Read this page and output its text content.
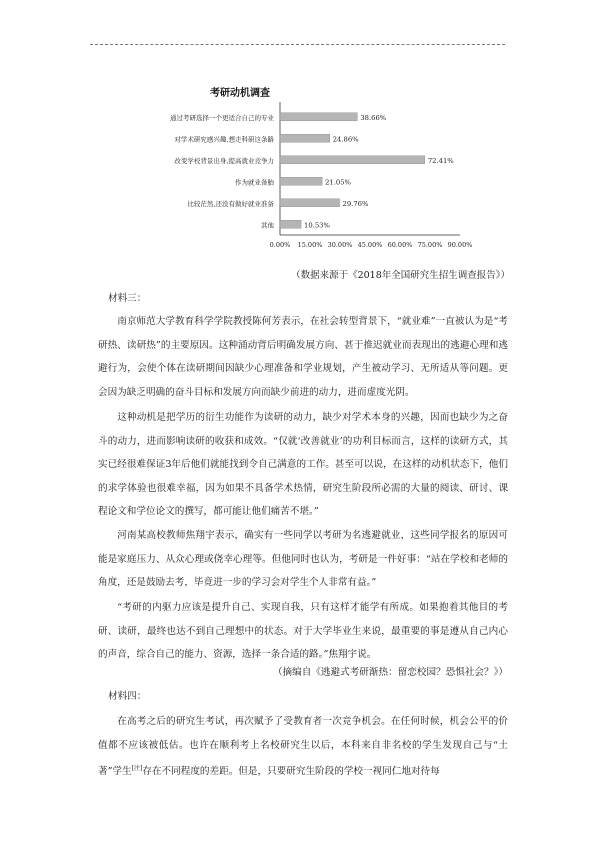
考研动机调查
通过考研选择一个更适合自己的专业	38.66%
对学术研究感兴趣,想走科研这条路	24.86%
改变学校背景出身,提高就业竞争力	72.41%
作为就业备胎	21.05%
比较茫然,还没有做好就业准备	29.76%
其他	10.53%
0.00% 15.00% 30.00% 45.00% 60.00% 75.00% 90.00%
（数据来源于《2018年全国研究生招生调查报告》）
材料三：
南京师范大学教育科学学院教授陈何芳表示，在社会转型背景下，“就业难”一直被认为是“考研热、读研热”的主要原因。这种涌动背后明确发展方向、甚于推迟就业而表现出的逃避心理和逃避行为，会使个体在读研期间因缺少心理准备和学业规划，产生被动学习、无所适从等问题。更会因为缺乏明确的奋斗目标和发展方向而缺少前进的动力，进而虚度光阴。
这种动机是把学历的衍生功能作为读研的动力，缺少对学术本身的兴趣，因而也缺少为之奋斗的动力，进而影响读研的收获和成效。“仅就‘改善就业’的功利目标而言，这样的读研方式，其实已经很难保证3年后他们就能找到令自己满意的工作。甚至可以说，在这样的动机状态下，他们的求学体验也很难幸福，因为如果不具备学术热情，研究生阶段所必需的大量的阅读、研讨、课程论文和学位论文的撰写，都可能让他们痛苦不堪。”
河南某高校教师焦翔宇表示，确实有一些同学以考研为名逃避就业，这些同学报名的原因可能是家庭压力、从众心理或侥幸心理等。但他同时也认为，考研是一件好事：“站在学校和老师的角度，还是鼓励去考，毕竟进一步的学习会对学生个人非常有益。”
“考研的内驱力应该是提升自己、实现自我，只有这样才能学有所成。如果抱着其他目的考研、读研，最终也达不到自己理想中的状态。对于大学毕业生来说，最重要的事是遵从自己内心的声音，综合自己的能力、资源，选择一条合适的路。”焦翔宇说。
（摘编自《逃避式考研渐热：留恋校园？恐惧社会？》）
材料四：
在高考之后的研究生考试，再次赋予了受教育者一次竞争机会。在任何时候，机会公平的价值都不应该被低估。也许在顺利考上名校研究生以后，本科来自非名校的学生发现自己与“土著”学生[注]存在不同程度的差距。但是，只要研究生阶段的学校一视同仁地对待每
